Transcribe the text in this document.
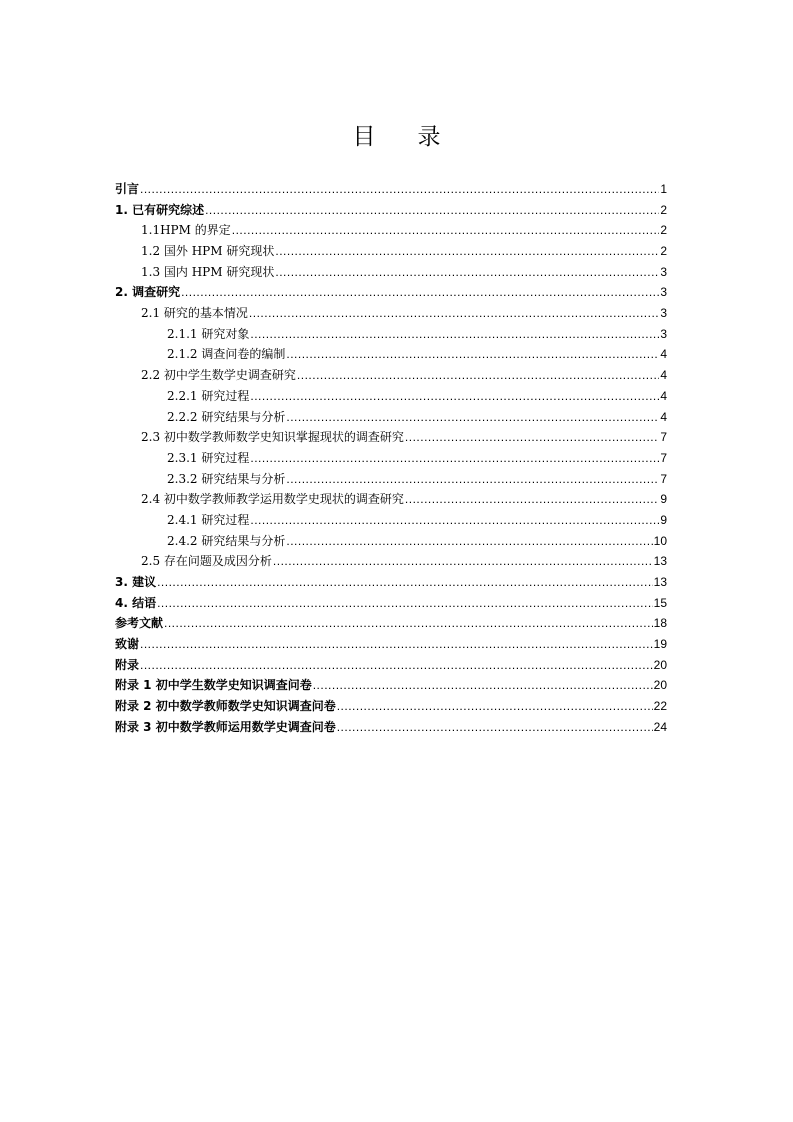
目录
引言 .....	1
1. 已有研究综述 .....	2
1.1HPM 的界定 .....	2
1.2 国外 HPM 研究现状 .....	2
1.3 国内 HPM 研究现状 .....	3
2. 调查研究 .....	3
2.1 研究的基本情况 .....	3
2.1.1 研究对象 .....	3
2.1.2 调查问卷的编制 .....	4
2.2 初中学生数学史调查研究 .....	4
2.2.1 研究过程 .....	4
2.2.2 研究结果与分析 .....	4
2.3 初中数学教师数学史知识掌握现状的调查研究 .....	7
2.3.1 研究过程 .....	7
2.3.2 研究结果与分析 .....	7
2.4 初中数学教师教学运用数学史现状的调查研究 .....	9
2.4.1 研究过程 .....	9
2.4.2 研究结果与分析 .....	10
2.5 存在问题及成因分析 .....	13
3. 建议 .....	13
4. 结语 .....	15
参考文献 .....	18
致谢 .....	19
附录 .....	20
附录 1 初中学生数学史知识调查问卷 .....	20
附录 2 初中数学教师数学史知识调查问卷 .....	22
附录 3 初中数学教师运用数学史调查问卷 .....	24
